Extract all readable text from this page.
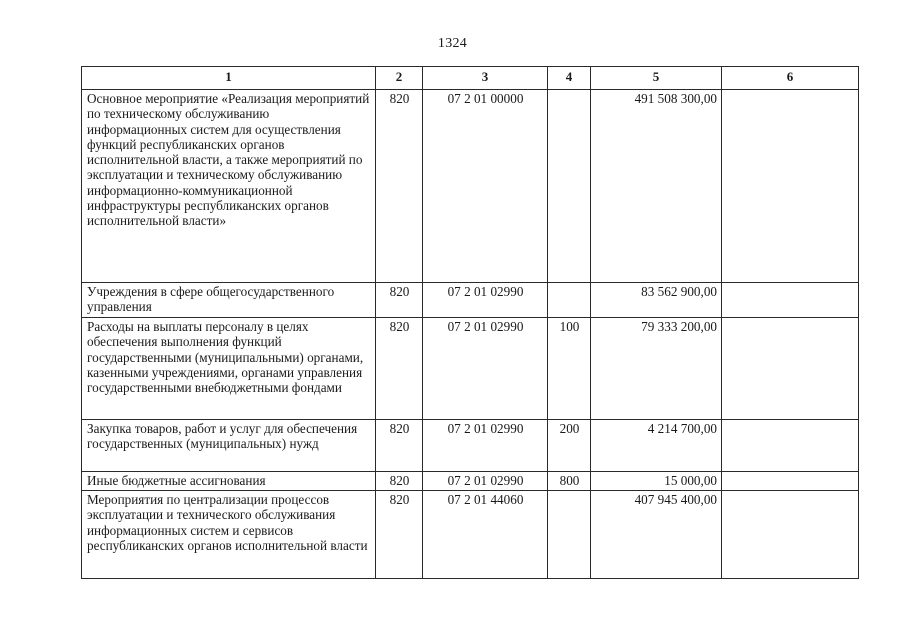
1324
1	2	3	4	5	6
Основное мероприятие «Реализация мероприятий по техническому обслуживанию информационных систем для осуществления функций республиканских органов исполнительной власти, а также мероприятий по эксплуатации и техническому обслуживанию информационно-коммуникационной инфраструктуры республиканских органов исполнительной власти»	820	07 2 01 00000		491 508 300,00	
Учреждения в сфере общегосударственного управления	820	07 2 01 02990		83 562 900,00	
Расходы на выплаты персоналу в целях обеспечения выполнения функций государственными (муниципальными) органами, казенными учреждениями, органами управления государственными внебюджетными фондами	820	07 2 01 02990	100	79 333 200,00	
Закупка товаров, работ и услуг для обеспечения государственных (муниципальных) нужд	820	07 2 01 02990	200	4 214 700,00	
Иные бюджетные ассигнования	820	07 2 01 02990	800	15 000,00	
Мероприятия по централизации процессов эксплуатации и технического обслуживания информационных систем и сервисов республиканских органов исполнительной власти	820	07 2 01 44060		407 945 400,00	
